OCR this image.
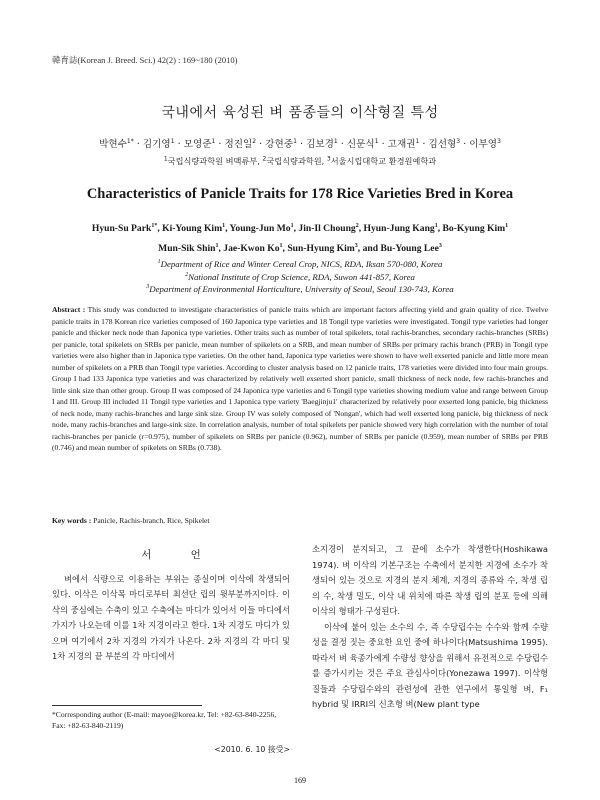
韓育誌(Korean J. Breed. Sci.) 42(2) : 169~180 (2010)
국내에서 육성된 벼 품종들의 이삭형질 특성
박현수$^{1*}$ · 김기영$^1$ · 모영준$^1$ · 정진일$^2$ · 강현중$^1$ · 김보경$^1$ · 신문식$^1$ · 고재권$^1$ · 김선형$^3$ · 이부영$^3$
$^1$국립식량과학원 벼맥류부, $^2$국립식량과학원, $^3$서울시립대학교 환경원예학과
Characteristics of Panicle Traits for 178 Rice Varieties Bred in Korea
Hyun-Su Park$^{1*}$, Ki-Young Kim$^1$, Young-Jun Mo$^1$, Jin-Il Choung$^2$, Hyun-Jung Kang$^1$, Bo-Kyung Kim$^1$
Mun-Sik Shin$^1$, Jae-Kwon Ko$^1$, Sun-Hyung Kim$^3$, and Bu-Young Lee$^3$
$^1$Department of Rice and Winter Cereal Crop, NICS, RDA, Iksan 570-080, Korea
$^2$National Institute of Crop Science, RDA, Suwon 441-857, Korea
$^3$Department of Environmental Horticulture, University of Seoul, Seoul 130-743, Korea
Abstract : This study was conducted to investigate characteristics of panicle traits which are important factors affecting yield and grain quality of rice. Twelve panicle traits in 178 Korean rice varieties composed of 160 Japonica type varieties and 18 Tongil type varieties were investigated. Tongil type varieties had longer panicle and thicker neck node than Japonica type varieties. Other traits such as number of total spikelets, total rachis-branches, secondary rachis-branches (SRBs) per panicle, total spikelets on SRBs per panicle, mean number of spikelets on a SRB, and mean number of SRBs per primary rachis branch (PRB) in Tongil type varieties were also higher than in Japonica type varieties. On the other hand, Japonica type varieties were shown to have well exserted panicle and little more mean number of spikelets on a PRB than Tongil type varieties. According to cluster analysis based on 12 panicle traits, 178 varieties were divided into four main groups. Group I had 133 Japonica type varieties and was characterized by relatively well exserted short panicle, small thickness of neck node, few rachis-branches and little sink size than other group. Group II was composed of 24 Japonica type varieties and 6 Tongil type varieties showing medium value and range between Group I and III. Group III included 11 Tongil type varieties and 1 Japonica type variety 'Baegjinju1' characterized by relatively poor exserted long panicle, big thickness of neck node, many rachis-branches and large sink size. Group IV was solely composed of 'Nongan', which had well exserted long panicle, big thickness of neck node, many rachis-branches and large-sink size. In correlation analysis, number of total spikelets per panicle showed very high correlation with the number of total rachis-branches per panicle (r=0.975), number of spikelets on SRBs per panicle (0.962), number of SRBs per panicle (0.959), mean number of SRBs per PRB (0.746) and mean number of spikelets on SRBs (0.738).
Key words : Panicle, Rachis-branch, Rice, Spikelet
서 언

벼에서 식량으로 이용하는 부위는 종실이며 이삭에 착생되어 있다. 이삭은 이삭목 마디로부터 최선단 립의 윗부분까지이다. 이삭의 중심에는 수축이 있고 수축에는 마디가 있어서 이들 마디에서 가지가 나오는데 이를 1차 지경이라고 한다. 1차 지경도 마디가 있으며 여기에서 2차 지경의 가지가 나온다. 2차 지경의 각 마디 및 1차 지경의 끝 부분의 각 마디에서

소지경이 분지되고, 그 끝에 소수가 착생한다(Hoshikawa 1974). 벼 이삭의 기본구조는 수축에서 분지한 지경에 소수가 착생되어 있는 것으로 지경의 분지 체계, 지경의 종류와 수, 착생 립의 수, 착생 밀도, 이삭 내 위치에 따른 착생 립의 분포 등에 의해 이삭의 형태가 구성된다.

이삭에 붙어 있는 소수의 수, 즉 수당립수는 수수와 함께 수량성을 결정 짓는 중요한 요인 중에 하나이다(Matsushima 1995). 따라서 벼 육종가에게 수량성 향상을 위해서 유전적으로 수당립수를 증가시키는 것은 주요 관심사이다(Yonezawa 1997). 이삭형질들과 수당립수와의 관련성에 관한 연구에서 통일형 벼, F₁ hybrid 및 IRRI의 신초형 벼(New plant type

*Corresponding author (E-mail: mayoe@korea.kr, Tel: +82-63-840-2256, Fax: +82-63-840-2119)
<2010. 6. 10 接受>
169
